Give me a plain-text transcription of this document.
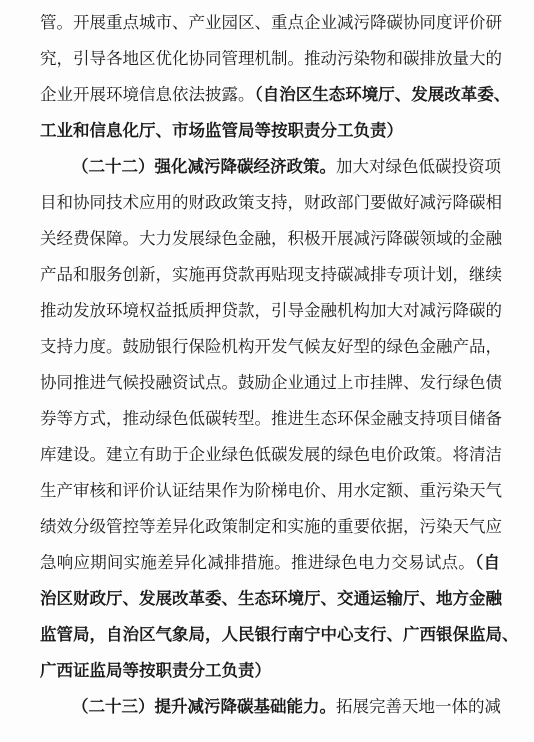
管。开展重点城市、产业园区、重点企业减污降碳协同度评价研
究，引导各地区优化协同管理机制。推动污染物和碳排放量大的
企业开展环境信息依法披露。（自治区生态环境厅、发展改革委、
工业和信息化厅、市场监管局等按职责分工负责）
（二十二）强化减污降碳经济政策。加大对绿色低碳投资项
目和协同技术应用的财政政策支持，财政部门要做好减污降碳相
关经费保障。大力发展绿色金融，积极开展减污降碳领域的金融
产品和服务创新，实施再贷款再贴现支持碳减排专项计划，继续
推动发放环境权益抵质押贷款，引导金融机构加大对减污降碳的
支持力度。鼓励银行保险机构开发气候友好型的绿色金融产品，
协同推进气候投融资试点。鼓励企业通过上市挂牌、发行绿色债
券等方式，推动绿色低碳转型。推进生态环保金融支持项目储备
库建设。建立有助于企业绿色低碳发展的绿色电价政策。将清洁
生产审核和评价认证结果作为阶梯电价、用水定额、重污染天气
绩效分级管控等差异化政策制定和实施的重要依据，污染天气应
急响应期间实施差异化减排措施。推进绿色电力交易试点。（自
治区财政厅、发展改革委、生态环境厅、交通运输厅、地方金融
监管局，自治区气象局，人民银行南宁中心支行、广西银保监局、
广西证监局等按职责分工负责）
（二十三）提升减污降碳基础能力。拓展完善天地一体的减
